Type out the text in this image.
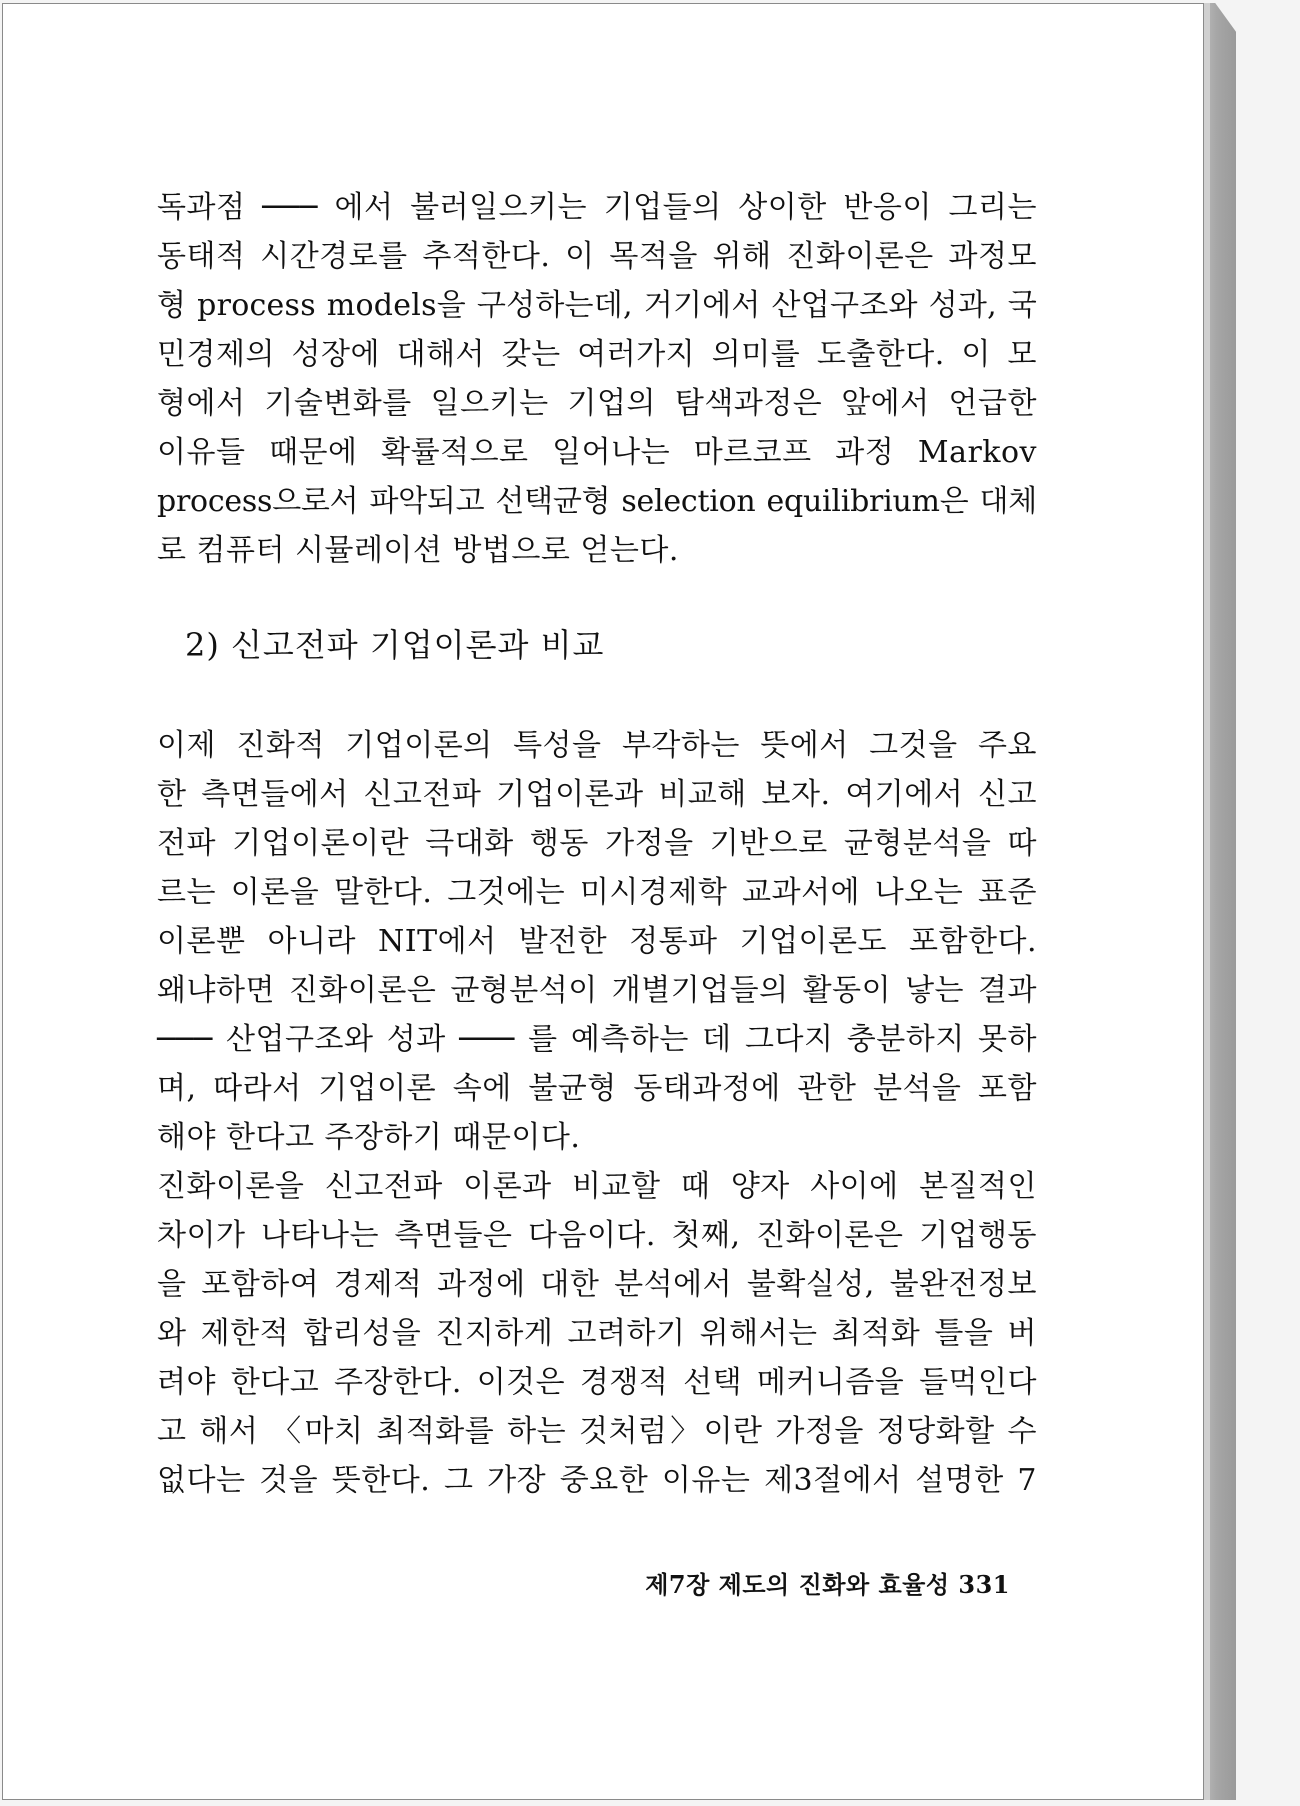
독과점 ─── 에서 불러일으키는 기업들의 상이한 반응이 그리는
동태적 시간경로를 추적한다. 이 목적을 위해 진화이론은 과정모
형 process models을 구성하는데, 거기에서 산업구조와 성과, 국
민경제의 성장에 대해서 갖는 여러가지 의미를 도출한다. 이 모
형에서 기술변화를 일으키는 기업의 탐색과정은 앞에서 언급한
이유들 때문에 확률적으로 일어나는 마르코프 과정 Markov
process으로서 파악되고 선택균형 selection equilibrium은 대체
로 컴퓨터 시뮬레이션 방법으로 얻는다.
2) 신고전파 기업이론과 비교
이제 진화적 기업이론의 특성을 부각하는 뜻에서 그것을 주요
한 측면들에서 신고전파 기업이론과 비교해 보자. 여기에서 신고
전파 기업이론이란 극대화 행동 가정을 기반으로 균형분석을 따
르는 이론을 말한다. 그것에는 미시경제학 교과서에 나오는 표준
이론뿐 아니라 NIT에서 발전한 정통파 기업이론도 포함한다.
왜냐하면 진화이론은 균형분석이 개별기업들의 활동이 낳는 결과
─── 산업구조와 성과 ─── 를 예측하는 데 그다지 충분하지 못하
며, 따라서 기업이론 속에 불균형 동태과정에 관한 분석을 포함
해야 한다고 주장하기 때문이다.
진화이론을 신고전파 이론과 비교할 때 양자 사이에 본질적인
차이가 나타나는 측면들은 다음이다. 첫째, 진화이론은 기업행동
을 포함하여 경제적 과정에 대한 분석에서 불확실성, 불완전정보
와 제한적 합리성을 진지하게 고려하기 위해서는 최적화 틀을 버
려야 한다고 주장한다. 이것은 경쟁적 선택 메커니즘을 들먹인다
고 해서 〈마치 최적화를 하는 것처럼〉이란 가정을 정당화할 수
없다는 것을 뜻한다. 그 가장 중요한 이유는 제3절에서 설명한 7
제7장 제도의 진화와 효율성 331
